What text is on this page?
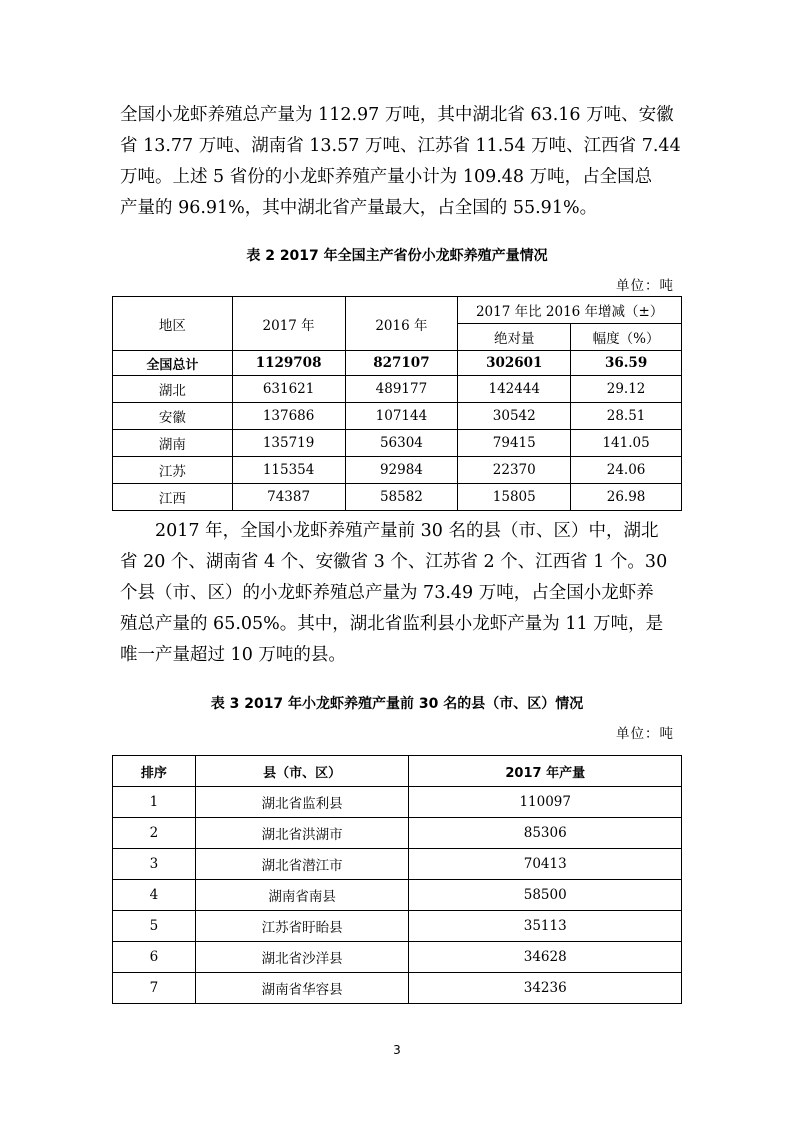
全国小龙虾养殖总产量为 112.97 万吨，其中湖北省 63.16 万吨、安徽
省 13.77 万吨、湖南省 13.57 万吨、江苏省 11.54 万吨、江西省 7.44
万吨。上述 5 省份的小龙虾养殖产量小计为 109.48 万吨，占全国总
产量的 96.91%，其中湖北省产量最大，占全国的 55.91%。
表 2 2017 年全国主产省份小龙虾养殖产量情况
单位：吨
地区	2017 年	2016 年	2017 年比 2016 年增减（±）	
			绝对量	幅度（%）
全国总计	1129708	827107	302601	36.59
湖北	631621	489177	142444	29.12
安徽	137686	107144	30542	28.51
湖南	135719	56304	79415	141.05
江苏	115354	92984	22370	24.06
江西	74387	58582	15805	26.98
　　2017 年，全国小龙虾养殖产量前 30 名的县（市、区）中，湖北
省 20 个、湖南省 4 个、安徽省 3 个、江苏省 2 个、江西省 1 个。30
个县（市、区）的小龙虾养殖总产量为 73.49 万吨，占全国小龙虾养
殖总产量的 65.05%。其中，湖北省监利县小龙虾产量为 11 万吨，是
唯一产量超过 10 万吨的县。
表 3 2017 年小龙虾养殖产量前 30 名的县（市、区）情况
单位：吨
排序	县（市、区）	2017 年产量
1	湖北省监利县	110097
2	湖北省洪湖市	85306
3	湖北省潜江市	70413
4	湖南省南县	58500
5	江苏省盱眙县	35113
6	湖北省沙洋县	34628
7	湖南省华容县	34236
3
